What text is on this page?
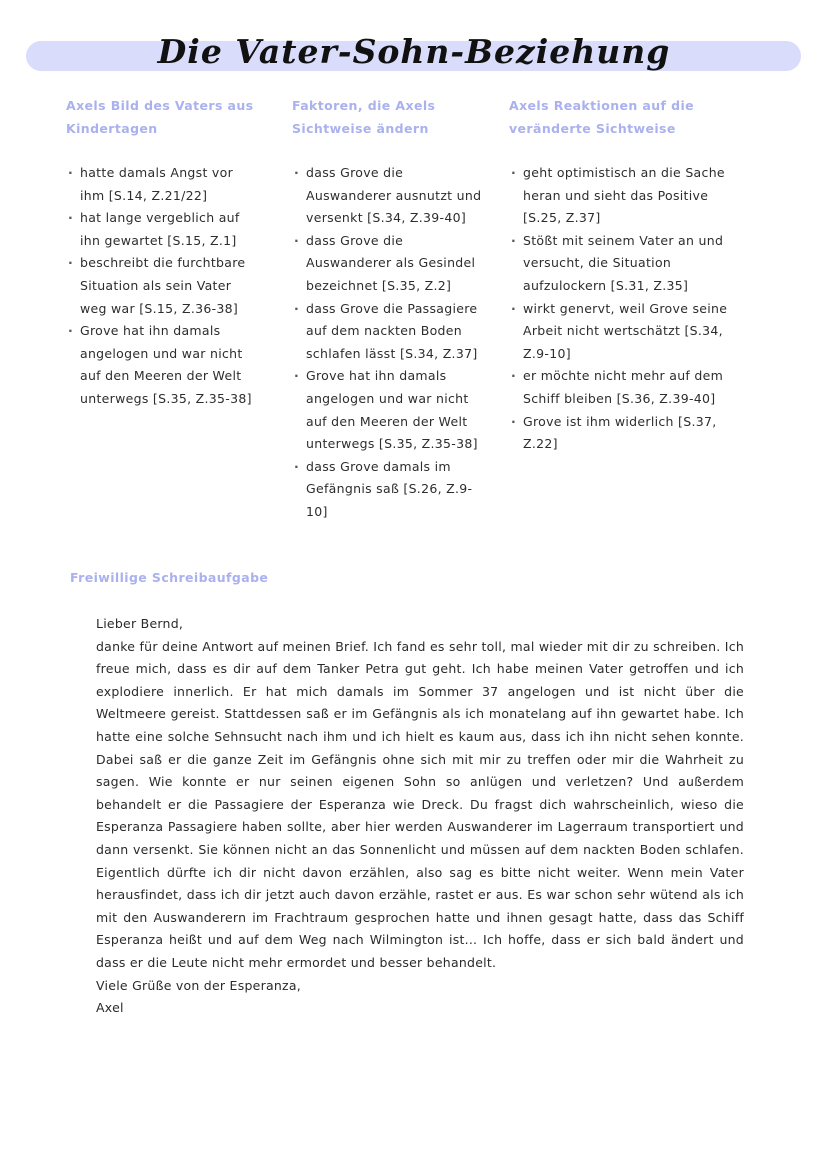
Die Vater-Sohn-Beziehung
Axels Bild des Vaters aus Kindertagen
· hatte damals Angst vor ihm [S.14, Z.21/22]
· hat lange vergeblich auf ihn gewartet [S.15, Z.1]
· beschreibt die furchtbare Situation als sein Vater weg war [S.15, Z.36-38]
· Grove hat ihn damals angelogen und war nicht auf den Meeren der Welt unterwegs [S.35, Z.35-38]
Faktoren, die Axels Sichtweise ändern
· dass Grove die Auswanderer ausnutzt und versenkt [S.34, Z.39-40]
· dass Grove die Auswanderer als Gesindel bezeichnet [S.35, Z.2]
· dass Grove die Passagiere auf dem nackten Boden schlafen lässt [S.34, Z.37]
· Grove hat ihn damals angelogen und war nicht auf den Meeren der Welt unterwegs [S.35, Z.35-38]
· dass Grove damals im Gefängnis saß [S.26, Z.9-10]
Axels Reaktionen auf die veränderte Sichtweise
· geht optimistisch an die Sache heran und sieht das Positive [S.25, Z.37]
· Stößt mit seinem Vater an und versucht, die Situation aufzulockern [S.31, Z.35]
· wirkt genervt, weil Grove seine Arbeit nicht wertschätzt [S.34, Z.9-10]
· er möchte nicht mehr auf dem Schiff bleiben [S.36, Z.39-40]
· Grove ist ihm widerlich [S.37, Z.22]
Freiwillige Schreibaufgabe

Lieber Bernd,

danke für deine Antwort auf meinen Brief. Ich fand es sehr toll, mal wieder mit dir zu schreiben. Ich freue mich, dass es dir auf dem Tanker Petra gut geht. Ich habe meinen Vater getroffen und ich explodiere innerlich. Er hat mich damals im Sommer 37 angelogen und ist nicht über die Weltmeere gereist. Stattdessen saß er im Gefängnis als ich monatelang auf ihn gewartet habe. Ich hatte eine solche Sehnsucht nach ihm und ich hielt es kaum aus, dass ich ihn nicht sehen konnte. Dabei saß er die ganze Zeit im Gefängnis ohne sich mit mir zu treffen oder mir die Wahrheit zu sagen. Wie konnte er nur seinen eigenen Sohn so anlügen und verletzen? Und außerdem behandelt er die Passagiere der Esperanza wie Dreck. Du fragst dich wahrscheinlich, wieso die Esperanza Passagiere haben sollte, aber hier werden Auswanderer im Lagerraum transportiert und dann versenkt. Sie können nicht an das Sonnenlicht und müssen auf dem nackten Boden schlafen. Eigentlich dürfte ich dir nicht davon erzählen, also sag es bitte nicht weiter. Wenn mein Vater herausfindet, dass ich dir jetzt auch davon erzähle, rastet er aus. Es war schon sehr wütend als ich mit den Auswanderern im Frachtraum gesprochen hatte und ihnen gesagt hatte, dass das Schiff Esperanza heißt und auf dem Weg nach Wilmington ist... Ich hoffe, dass er sich bald ändert und dass er die Leute nicht mehr ermordet und besser behandelt.

Viele Grüße von der Esperanza,

Axel
